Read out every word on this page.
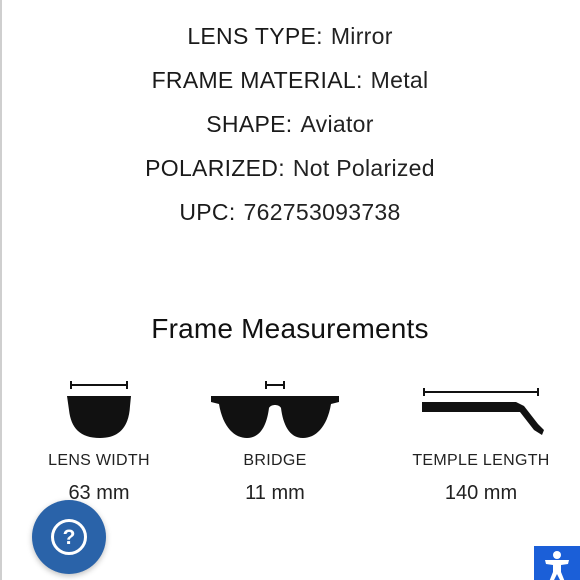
LENS TYPE: Mirror
FRAME MATERIAL: Metal
SHAPE: Aviator
POLARIZED: Not Polarized
UPC: 762753093738
Frame Measurements
LENS WIDTH
63 mm
BRIDGE
11 mm
TEMPLE LENGTH
140 mm
?
